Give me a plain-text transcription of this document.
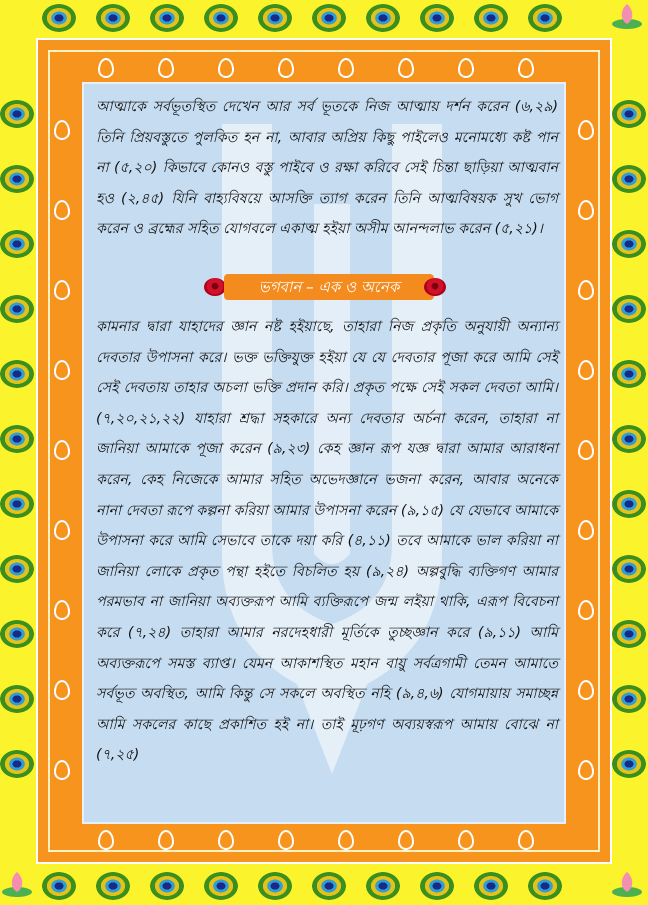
আত্মাকে সর্বভূতস্থিত দেখেন আর সর্ব ভূতকে নিজ আত্মায় দর্শন করেন (৬,২৯) তিনি প্রিয়বস্তুতে পুলকিত হন না, আবার অপ্রিয় কিছু পাইলেও মনোমধ্যে কষ্ট পান না (৫,২০) কিভাবে কোনও বস্তু পাইবে ও রক্ষা করিবে সেই চিন্তা ছাড়িয়া আত্মবান হও (২,৪৫) যিনি বাহ্যবিষয়ে আসক্তি ত্যাগ করেন তিনি আত্মবিষয়ক সুখ ভোগ করেন ও ব্রহ্মের সহিত যোগবলে একাত্ম হইয়া অসীম আনন্দলাভ করেন (৫,২১)।
ভগবান – এক ও অনেক
কামনার দ্বারা যাহাদের জ্ঞান নষ্ট হইয়াছে, তাহারা নিজ প্রকৃতি অনুযায়ী অন্যান্য দেবতার উপাসনা করে। ভক্ত ভক্তিযুক্ত হইয়া যে যে দেবতার পূজা করে আমি সেই সেই দেবতায় তাহার অচলা ভক্তি প্রদান করি। প্রকৃত পক্ষে সেই সকল দেবতা আমি। (৭,২০,২১,২২) যাহারা শ্রদ্ধা সহকারে অন্য দেবতার অর্চনা করেন, তাহারা না জানিয়া আমাকে পূজা করেন (৯,২৩) কেহ জ্ঞান রূপ যজ্ঞ দ্বারা আমার আরাধনা করেন, কেহ নিজেকে আমার সহিত অভেদজ্ঞানে ভজনা করেন, আবার অনেকে নানা দেবতা রূপে কল্পনা করিয়া আমার উপাসনা করেন (৯,১৫) যে যেভাবে আমাকে উপাসনা করে আমি সেভাবে তাকে দয়া করি (৪,১১) তবে আমাকে ভাল করিয়া না জানিয়া লোকে প্রকৃত পন্থা হইতে বিচলিত হয় (৯,২৪) অল্পবুদ্ধি ব্যক্তিগণ আমার পরমভাব না জানিয়া অব্যক্তরূপ আমি ব্যক্তিরূপে জন্ম লইয়া থাকি, এরূপ বিবেচনা করে (৭,২৪) তাহারা আমার নরদেহধারী মূর্তিকে তুচ্ছজ্ঞান করে (৯,১১) আমি অব্যক্তরূপে সমস্ত ব্যাপ্ত। যেমন আকাশস্থিত মহান বায়ু সর্বত্রগামী তেমন আমাতে সর্বভূত অবস্থিত, আমি কিন্তু সে সকলে অবস্থিত নহি (৯,৪,৬) যোগমায়ায় সমাচ্ছন্ন আমি সকলের কাছে প্রকাশিত হই না। তাই মূঢ়গণ অব্যয়স্বরূপ আমায় বোঝে না (৭,২৫)
